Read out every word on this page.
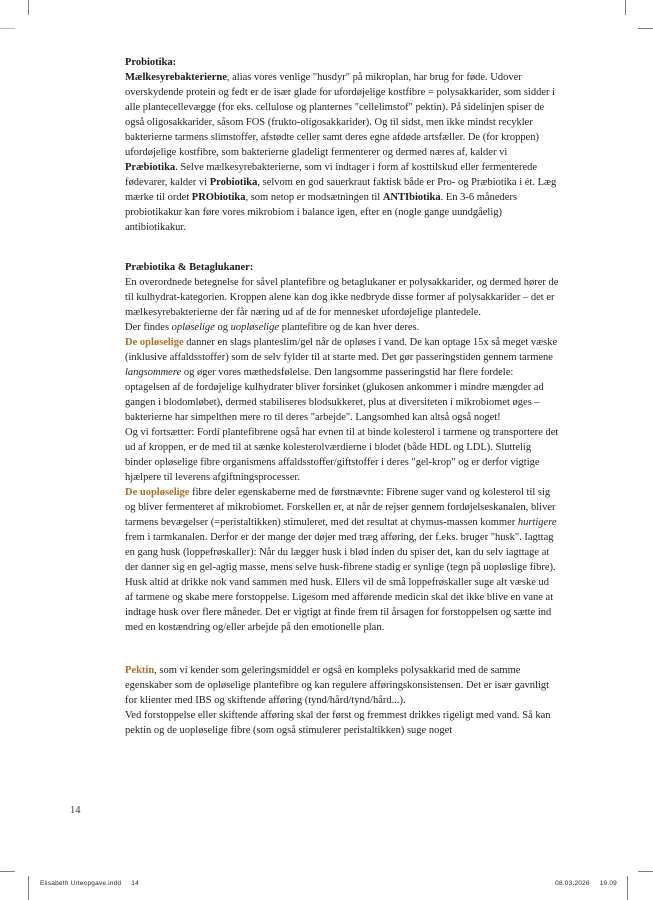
Probiotika:

Mælkesyrebakterierne, alias vores venlige "husdyr" på mikroplan, har brug for føde. Udover overskydende protein og fedt er de især glade for ufordøjelige kostfibre = polysakkarider, som sidder i alle plantecellevægge (for eks. cellulose og planternes "cellelimstof" pektin). På sidelinjen spiser de også oligosakkarider, såsom FOS (frukto-oligosakkarider). Og til sidst, men ikke mindst recykler bakterierne tarmens slimstoffer, afstødte celler samt deres egne afdøde artsfæller. De (for kroppen) ufordøjelige kostfibre, som bakterierne gladeligt fermenterer og dermed næres af, kalder vi Præbiotika. Selve mælkesyrebakterierne, som vi indtager i form af kosttilskud eller fermenterede fødevarer, kalder vi Probiotika, selvom en god sauerkraut faktisk både er Pro- og Præbiotika i ét. Læg mærke til ordet PRObiotika, som netop er modsætningen til ANTIbiotika. En 3-6 måneders probiotikakur kan føre vores mikrobiom i balance igen, efter en (nogle gange uundgåelig) antibiotikakur.

Præbiotika & Betaglukaner:

En overordnede betegnelse for såvel plantefibre og betaglukaner er polysakkarider, og dermed hører de til kulhydrat-kategorien. Kroppen alene kan dog ikke nedbryde disse former af polysakkarider – det er mælkesyrebakterierne der får næring ud af de for mennesket ufordøjelige plantedele.

Der findes opløselige og uopløselige plantefibre og de kan hver deres.

De opløselige danner en slags planteslim/gel når de opløses i vand. De kan optage 15x så meget væske (inklusive affaldsstoffer) som de selv fylder til at starte med. Det gør passeringstiden gennem tarmene langsommere og øger vores mæthedsfølelse. Den langsomme passeringstid har flere fordele: optagelsen af de fordøjelige kulhydrater bliver forsinket (glukosen ankommer i mindre mængder ad gangen i blodomløbet), dermed stabiliseres blodsukkeret, plus at diversiteten i mikrobiomet øges – bakterierne har simpelthen mere ro til deres "arbejde". Langsomhed kan altså også noget!

Og vi fortsætter: Fordi plantefibrene også har evnen til at binde kolesterol i tarmene og transportere det ud af kroppen, er de med til at sænke kolesterolværdierne i blodet (både HDL og LDL). Sluttelig binder opløselige fibre organismens affaldsstoffer/giftstoffer i deres "gel-krop" og er derfor vigtige hjælpere til leverens afgiftningsprocesser.

De uopløselige fibre deler egenskaberne med de førstnævnte: Fibrene suger vand og kolesterol til sig og bliver fermenteret af mikrobiomet. Forskellen er, at når de rejser gennem fordøjelseskanalen, bliver tarmens bevægelser (=peristaltikken) stimuleret, med det resultat at chymus-massen kommer hurtigere frem i tarmkanalen. Derfor er der mange der døjer med træg afføring, der f.eks. bruger "husk". Iagttag en gang husk (loppefrøskaller): Når du lægger husk i blød inden du spiser det, kan du selv iagttage at der danner sig en gel-agtig masse, mens selve husk-fibrene stadig er synlige (tegn på uopløslige fibre). Husk altid at drikke nok vand sammen med husk. Ellers vil de små loppefrøskaller suge alt væske ud af tarmene og skabe mere forstoppelse. Ligesom med afførende medicin skal det ikke blive en vane at indtage husk over flere måneder. Det er vigtigt at finde frem til årsagen for forstoppelsen og sætte ind med en kostændring og/eller arbejde på den emotionelle plan.

Pektin, som vi kender som geleringsmiddel er også en kompleks polysakkarid med de samme egenskaber som de opløselige plantefibre og kan regulere afføringskonsistensen. Det er især gavnligt for klienter med IBS og skiftende afføring (tynd/hård/tynd/hård...).

Ved forstoppelse eller skiftende afføring skal der først og fremmest drikkes rigeligt med vand. Så kan pektin og de uopløselige fibre (som også stimulerer peristaltikken) suge noget

14
Elisabeth Urteopgave.indd 14	08.03.2026 19.09
